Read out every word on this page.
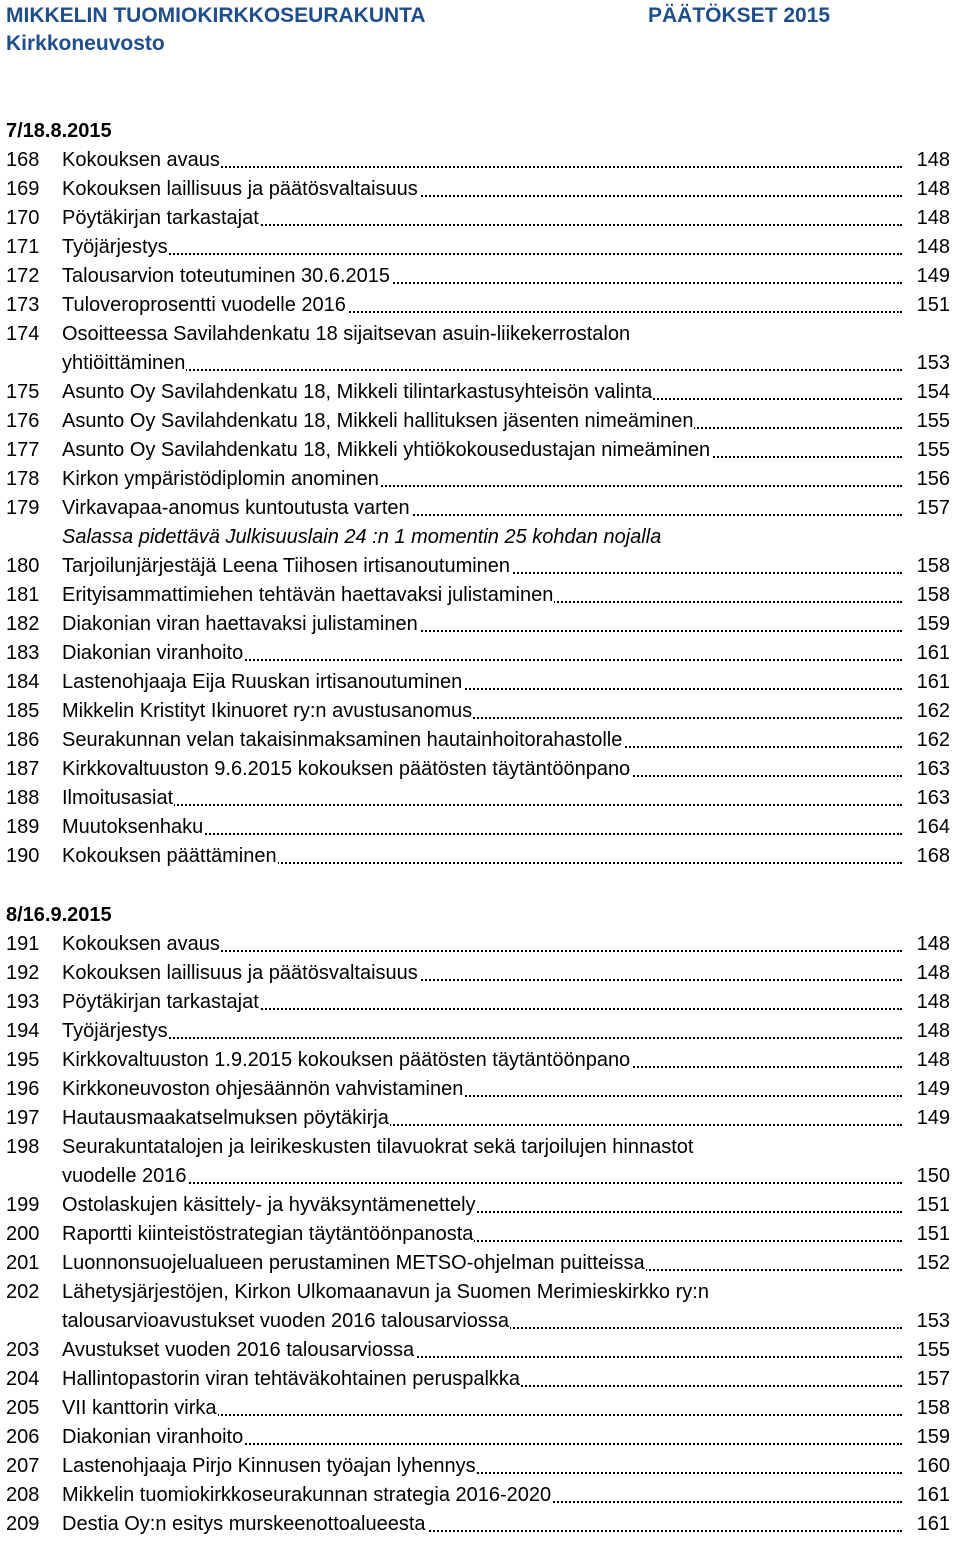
MIKKELIN TUOMIOKIRKKOSEURAKUNTA	PÄÄTÖKSET 2015
Kirkkoneuvosto
7/18.8.2015
168	Kokouksen avaus	148
169	Kokouksen laillisuus ja päätösvaltaisuus	148
170	Pöytäkirjan tarkastajat	148
171	Työjärjestys	148
172	Talousarvion toteutuminen 30.6.2015	149
173	Tuloveroprosentti vuodelle 2016	151
174	Osoitteessa Savilahdenkatu 18 sijaitsevan asuin-liikekerrostalon
yhtiöittäminen	153
175	Asunto Oy Savilahdenkatu 18, Mikkeli tilintarkastusyhteisön valinta	154
176	Asunto Oy Savilahdenkatu 18, Mikkeli hallituksen jäsenten nimeäminen	155
177	Asunto Oy Savilahdenkatu 18, Mikkeli yhtiökokousedustajan nimeäminen	155
178	Kirkon ympäristödiplomin anominen	156
179	Virkavapaa-anomus kuntoutusta varten	157
Salassa pidettävä Julkisuuslain 24 :n 1 momentin 25 kohdan nojalla
180	Tarjoilunjärjestäjä Leena Tiihosen irtisanoutuminen	158
181	Erityisammattimiehen tehtävän haettavaksi julistaminen	158
182	Diakonian viran haettavaksi julistaminen	159
183	Diakonian viranhoito	161
184	Lastenohjaaja Eija Ruuskan irtisanoutuminen	161
185	Mikkelin Kristityt Ikinuoret ry:n avustusanomus	162
186	Seurakunnan velan takaisinmaksaminen hautainhoitorahastolle	162
187	Kirkkovaltuuston 9.6.2015 kokouksen päätösten täytäntöönpano	163
188	Ilmoitusasiat	163
189	Muutoksenhaku	164
190	Kokouksen päättäminen	168
8/16.9.2015
191	Kokouksen avaus	148
192	Kokouksen laillisuus ja päätösvaltaisuus	148
193	Pöytäkirjan tarkastajat	148
194	Työjärjestys	148
195	Kirkkovaltuuston 1.9.2015 kokouksen päätösten täytäntöönpano	148
196	Kirkkoneuvoston ohjesäännön vahvistaminen	149
197	Hautausmaakatselmuksen pöytäkirja	149
198	Seurakuntatalojen ja leirikeskusten tilavuokrat sekä tarjoilujen hinnastot
vuodelle 2016	150
199	Ostolaskujen käsittely- ja hyväksyntämenettely	151
200	Raportti kiinteistöstrategian täytäntöönpanosta	151
201	Luonnonsuojelualueen perustaminen METSO-ohjelman puitteissa	152
202	Lähetysjärjestöjen, Kirkon Ulkomaanavun ja Suomen Merimieskirkko ry:n
talousarvioavustukset vuoden 2016 talousarviossa	153
203	Avustukset vuoden 2016 talousarviossa	155
204	Hallintopastorin viran tehtäväkohtainen peruspalkka	157
205	VII kanttorin virka	158
206	Diakonian viranhoito	159
207	Lastenohjaaja Pirjo Kinnusen työajan lyhennys	160
208	Mikkelin tuomiokirkkoseurakunnan strategia 2016-2020	161
209	Destia Oy:n esitys murskeenottoalueesta	161
